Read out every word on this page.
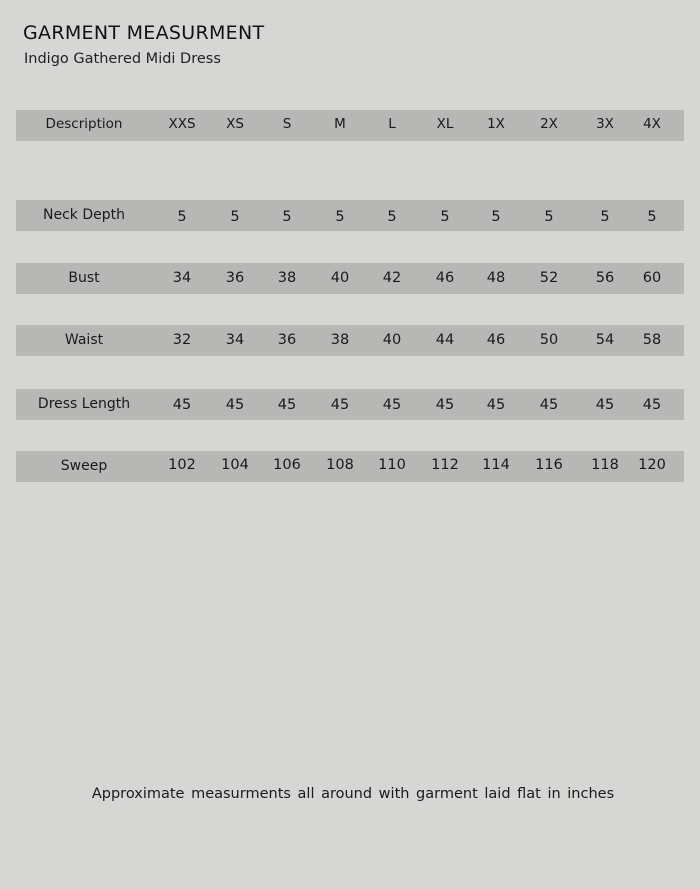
GARMENT MEASURMENT
Indigo Gathered Midi Dress
Description	XXS XS	S	M	L	XL 1X	2X	3X 4X
Neck Depth	5	5	5	5	5	5	5	5	5	5
Bust	34 36 38 40 42 46 48 52	56 60
Waist	32 34 36 38 40 44 46 50	54 58
Dress Length	45 45 45 45 45 45 45 45	45 45
Sweep	102 104 106 108 110 112 114 116 118 120
Approximate measurments all around with garment laid flat in inches
